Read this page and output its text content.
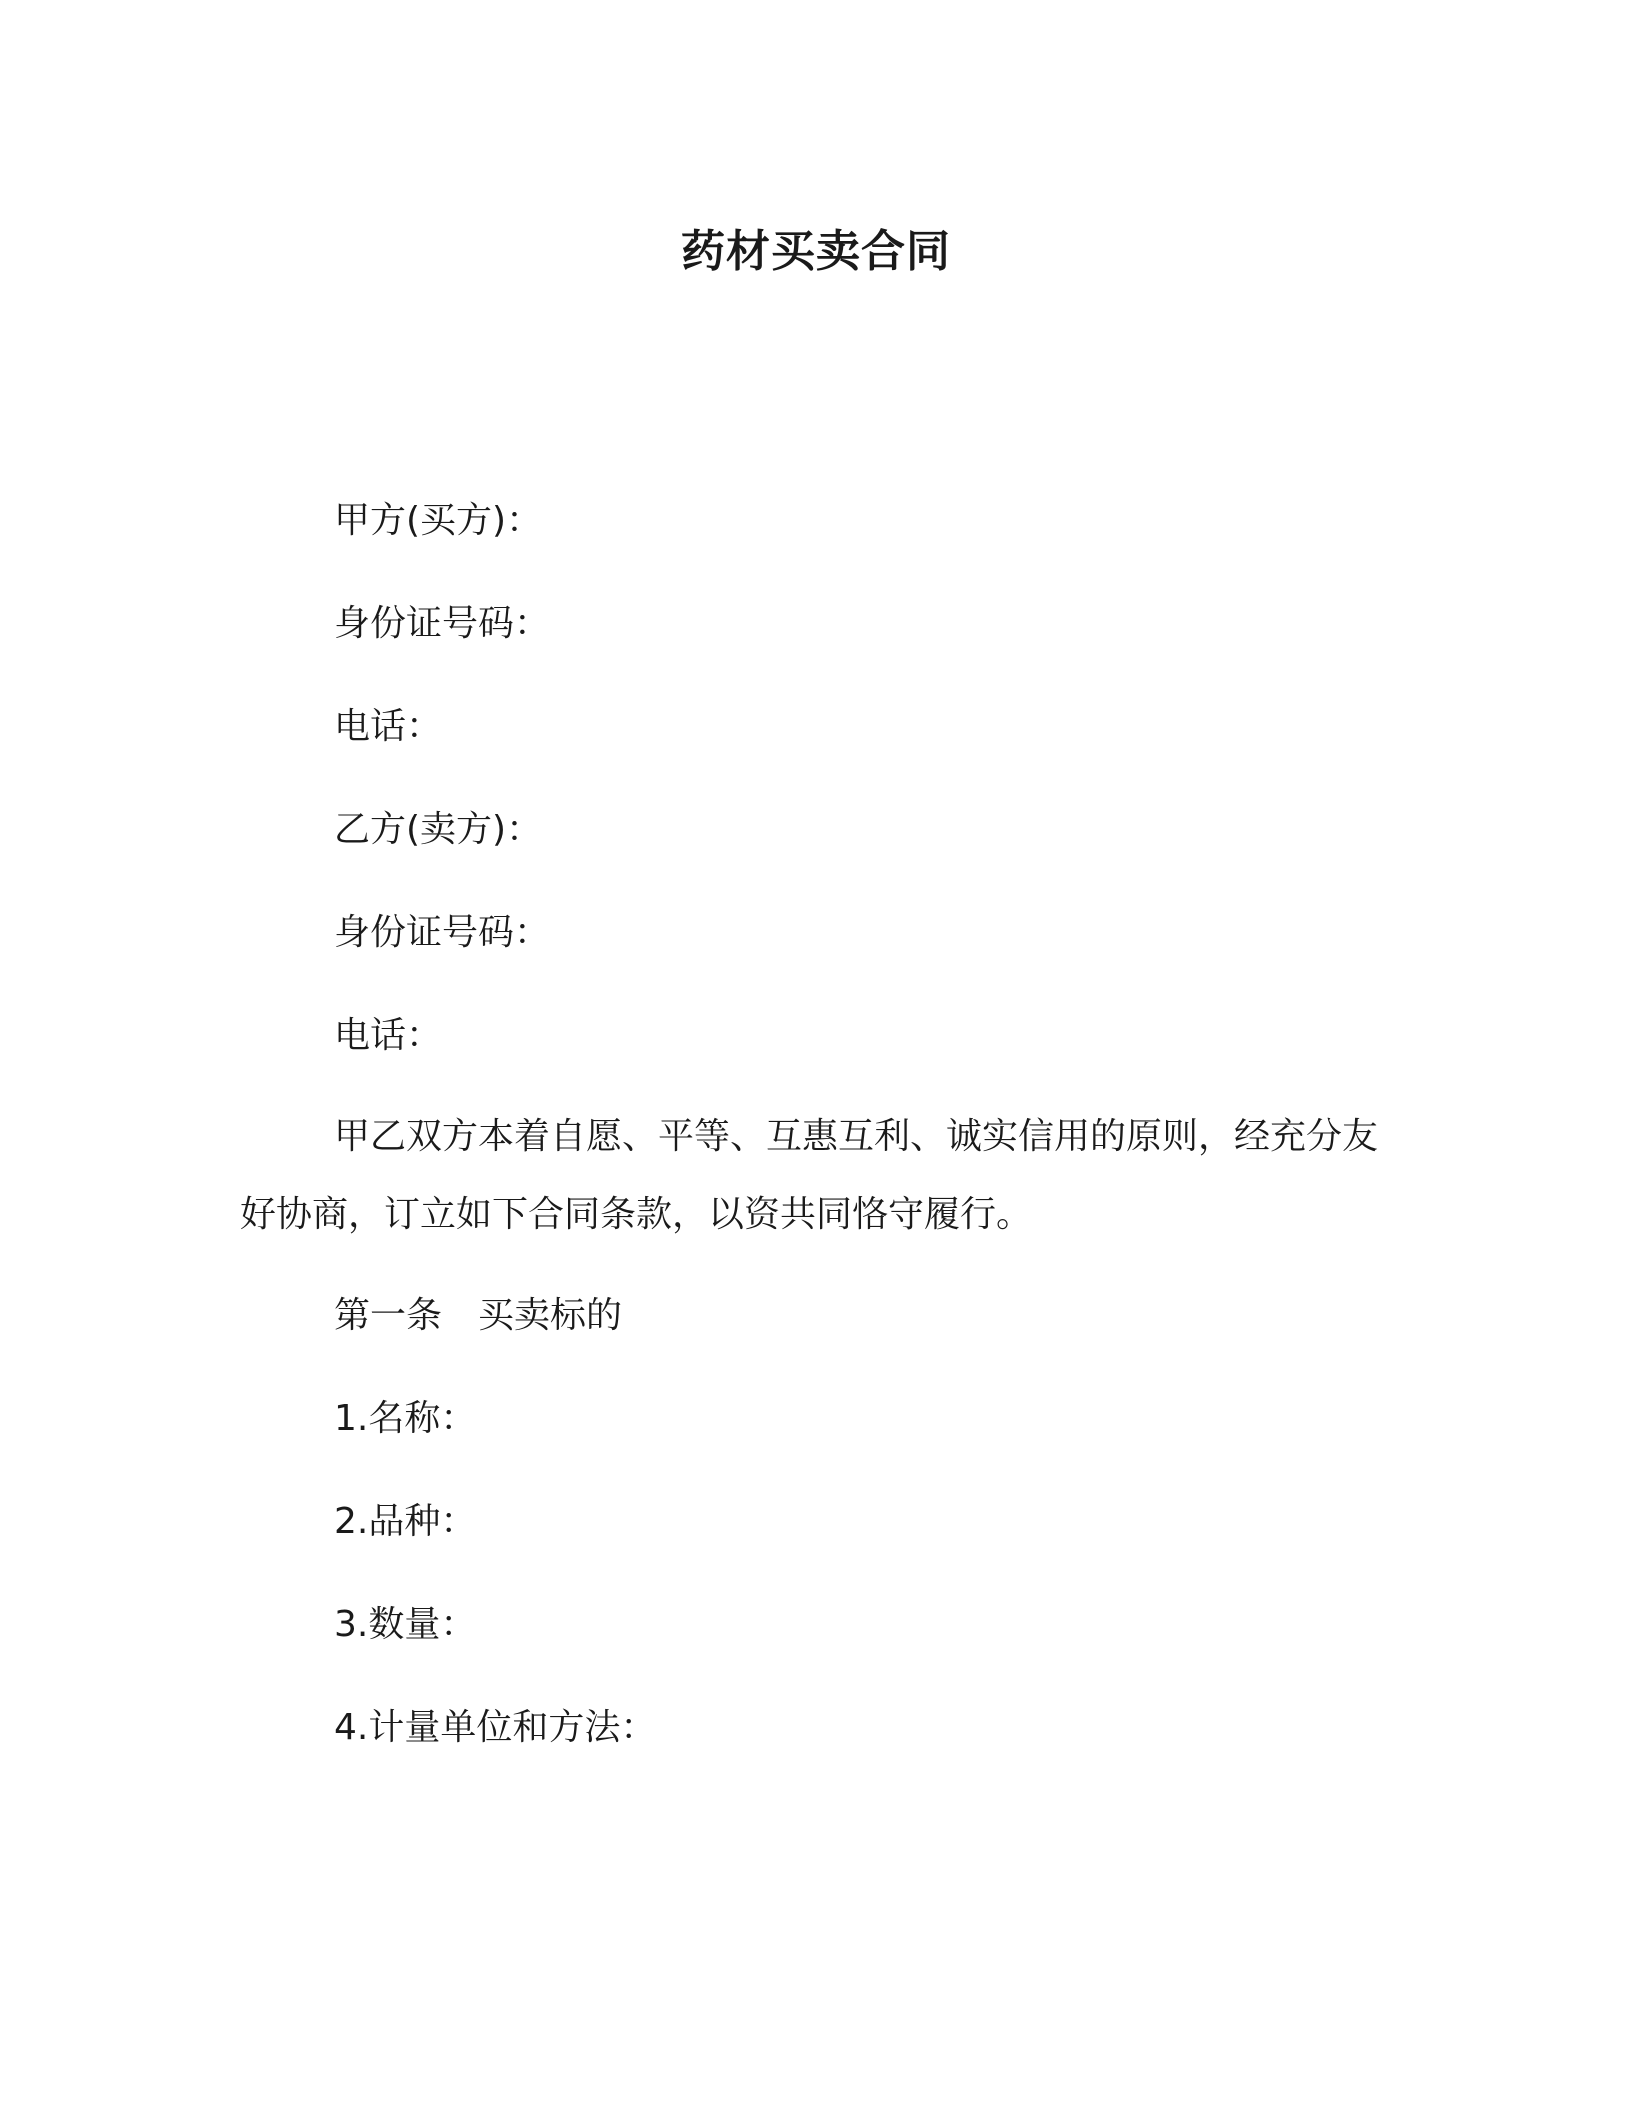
药材买卖合同
甲方(买方)：
身份证号码：
电话：
乙方(卖方)：
身份证号码：
电话：
甲乙双方本着自愿、平等、互惠互利、诚实信用的原则，经充分友好协商，订立如下合同条款，以资共同恪守履行。
第一条 买卖标的
1.名称：
2.品种：
3.数量：
4.计量单位和方法：
